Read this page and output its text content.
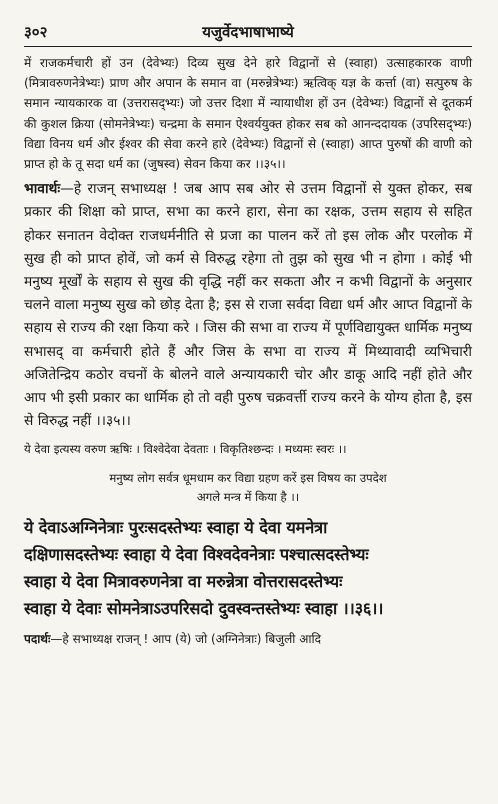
३०२	यजुर्वेदभाषाभाष्ये
में राजकर्मचारी हों उन (देवेभ्यः) दिव्य सुख देने हारे विद्वानों से (स्वाहा) उत्साहकारक वाणी (मित्रावरुणनेत्रेभ्यः) प्राण और अपान के समान वा (मरुन्नेत्रेभ्यः) ऋत्विक् यज्ञ के कर्त्ता (वा) सत्पुरुष के समान न्यायकारक वा (उत्तरासद्भ्यः) जो उत्तर दिशा में न्यायाधीश हों उन (देवेभ्यः) विद्वानों से दूतकर्म की कुशल क्रिया (सोमनेत्रेभ्यः) चन्द्रमा के समान ऐश्वर्ययुक्त होकर सब को आनन्ददायक (उपरिसद्भ्यः) विद्या विनय धर्म और ईश्वर की सेवा करने हारे (देवेभ्यः) विद्वानों से (स्वाहा) आप्त पुरुषों की वाणी को प्राप्त हो के तू सदा धर्म का (जुषस्व) सेवन किया कर ।।३५।।
भावार्थः—हे राजन् सभाध्यक्ष ! जब आप सब ओर से उत्तम विद्वानों से युक्त होकर, सब प्रकार की शिक्षा को प्राप्त, सभा का करने हारा, सेना का रक्षक, उत्तम सहाय से सहित होकर सनातन वेदोक्त राजधर्मनीति से प्रजा का पालन करें तो इस लोक और परलोक में सुख ही को प्राप्त होवें, जो कर्म से विरुद्ध रहेगा तो तुझ को सुख भी न होगा । कोई भी मनुष्य मूर्खों के सहाय से सुख की वृद्धि नहीं कर सकता और न कभी विद्वानों के अनुसार चलने वाला मनुष्य सुख को छोड़ देता है; इस से राजा सर्वदा विद्या धर्म और आप्त विद्वानों के सहाय से राज्य की रक्षा किया करे । जिस की सभा वा राज्य में पूर्णविद्यायुक्त धार्मिक मनुष्य सभासद् वा कर्मचारी होते हैं और जिस के सभा वा राज्य में मिथ्यावादी व्यभिचारी अजितेन्द्रिय कठोर वचनों के बोलने वाले अन्यायकारी चोर और डाकू आदि नहीं होते और आप भी इसी प्रकार का धार्मिक हो तो वही पुरुष चक्रवर्त्ती राज्य करने के योग्य होता है, इस से विरुद्ध नहीं ।।३५।।
ये देवा इत्यस्य वरुण ऋषिः । विश्वेदेवा देवताः । विकृतिश्छन्दः । मध्यमः स्वरः ।।
मनुष्य लोग सर्वत्र धूमधाम कर विद्या ग्रहण करें इस विषय का उपदेश
अगले मन्त्र में किया है ।।
ये देवाऽअग्निनेत्राः पुरःसदस्तेभ्यः स्वाहा ये देवा यमनेत्रा
दक्षिणासदस्तेभ्यः स्वाहा ये देवा विश्वदेवनेत्राः पश्चात्सदस्तेभ्यः
स्वाहा ये देवा मित्रावरुणनेत्रा वा मरुन्नेत्रा वोत्तरासदस्तेभ्यः
स्वाहा ये देवाः सोमनेत्राऽउपरिसदो दुवस्वन्तस्तेभ्यः स्वाहा ।।३६।।
पदार्थः—हे सभाध्यक्ष राजन् ! आप (ये) जो (अग्निनेत्राः) बिजुली आदि
